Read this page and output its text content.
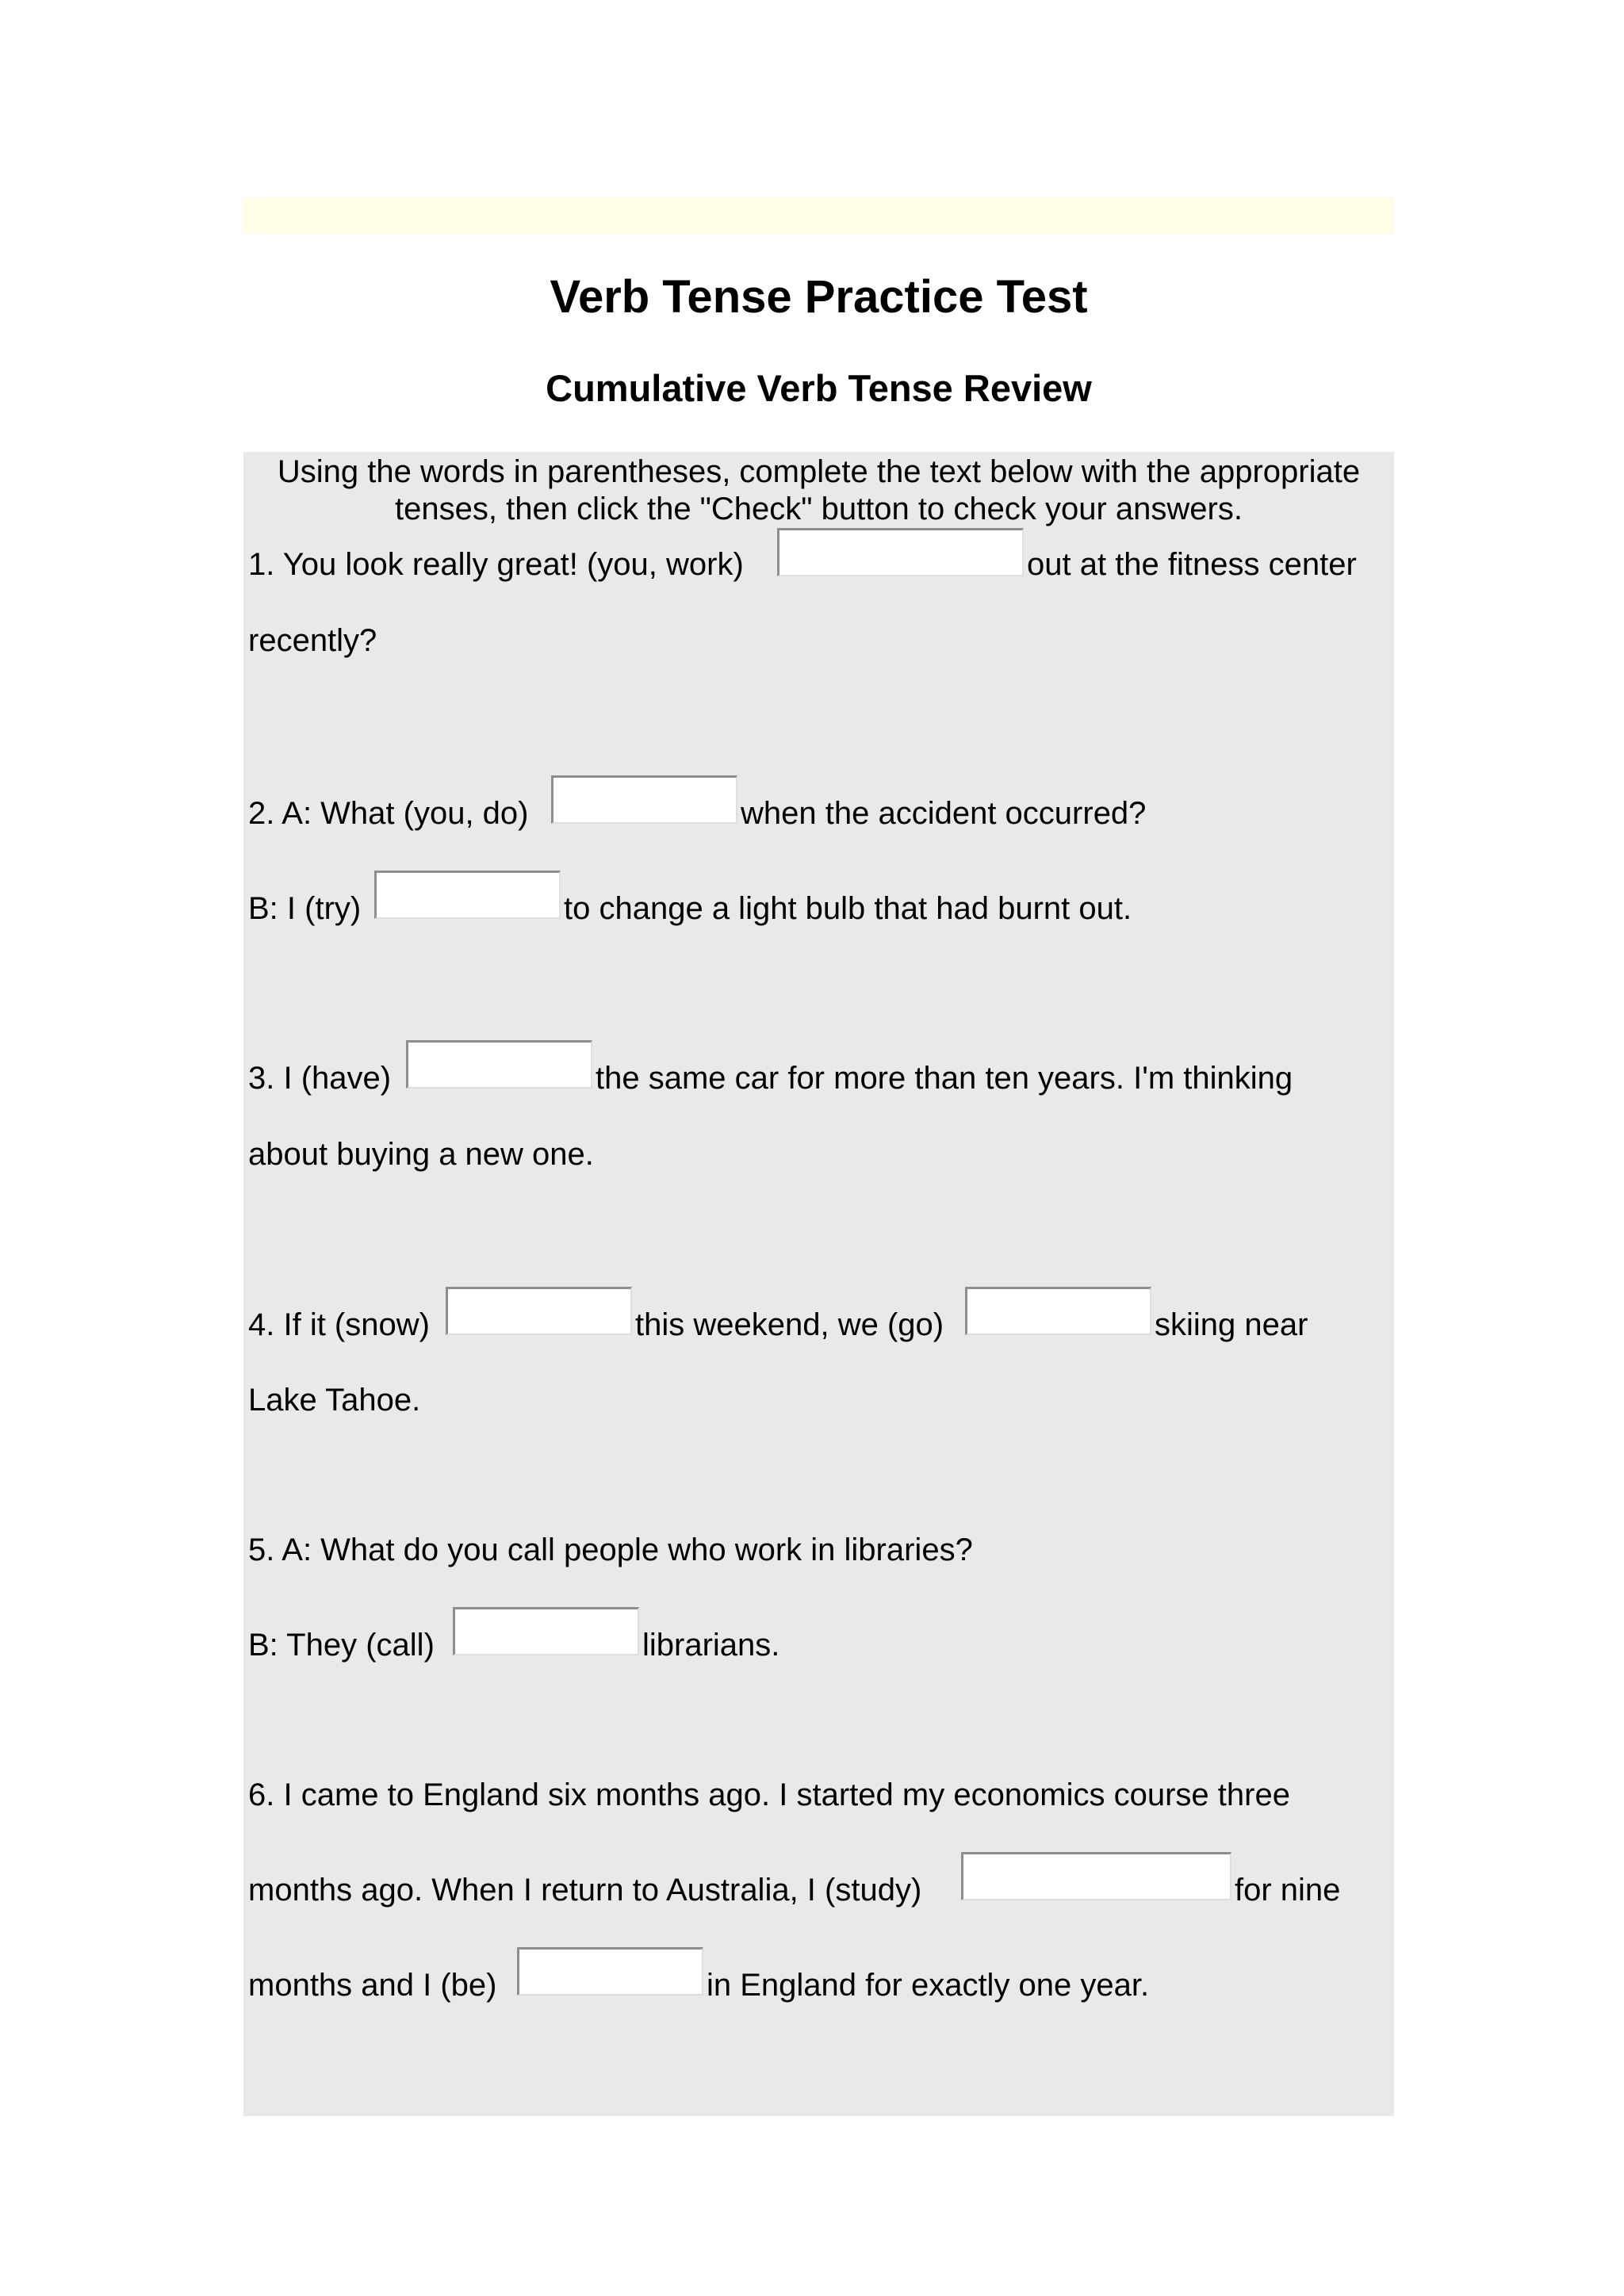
Verb Tense Practice Test
Cumulative Verb Tense Review
Using the words in parentheses, complete the text below with the appropriate tenses, then click the "Check" button to check your answers.
1. You look really great! (you, work)	out at the fitness center
recently?
2. A: What (you, do)	when the accident occurred?
B: I (try)	to change a light bulb that had burnt out.
3. I (have)	the same car for more than ten years. I'm thinking
about buying a new one.
4. If it (snow)	this weekend, we (go)	skiing near
Lake Tahoe.
5. A: What do you call people who work in libraries?
B: They (call)	librarians.
6. I came to England six months ago. I started my economics course three
months ago. When I return to Australia, I (study)	for nine
months and I (be)	in England for exactly one year.
